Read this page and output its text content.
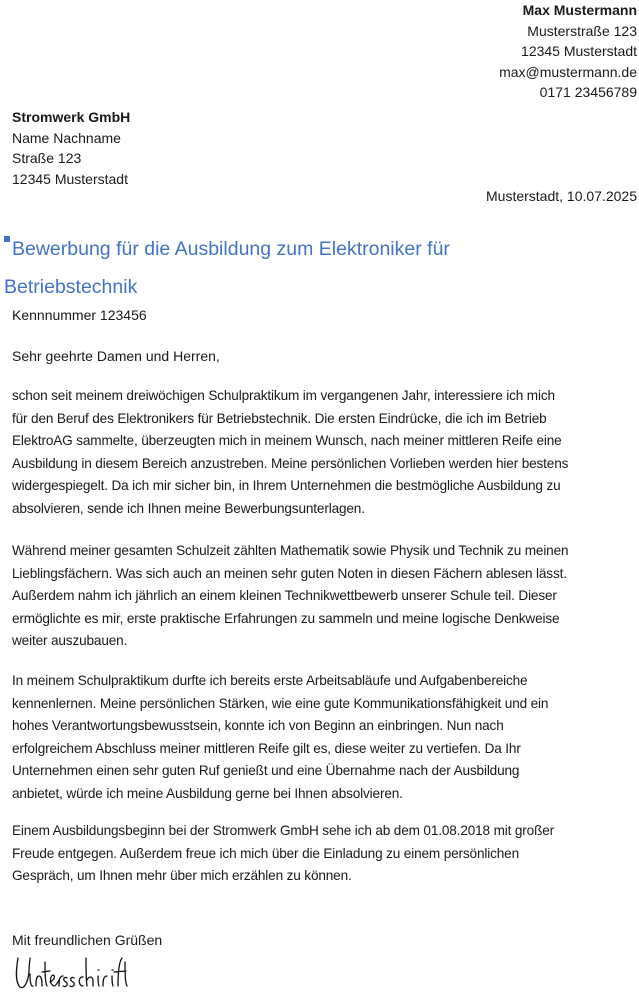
Max Mustermann
Musterstraße 123
12345 Musterstadt
max@mustermann.de
0171 23456789
Stromwerk GmbH
Name Nachname
Straße 123
12345 Musterstadt
Musterstadt, 10.07.2025
Bewerbung für die Ausbildung zum Elektroniker für
Betriebstechnik
Kennnummer 123456
Sehr geehrte Damen und Herren,
schon seit meinem dreiwöchigen Schulpraktikum im vergangenen Jahr, interessiere ich mich
für den Beruf des Elektronikers für Betriebstechnik. Die ersten Eindrücke, die ich im Betrieb
ElektroAG sammelte, überzeugten mich in meinem Wunsch, nach meiner mittleren Reife eine
Ausbildung in diesem Bereich anzustreben. Meine persönlichen Vorlieben werden hier bestens
widergespiegelt. Da ich mir sicher bin, in Ihrem Unternehmen die bestmögliche Ausbildung zu
absolvieren, sende ich Ihnen meine Bewerbungsunterlagen.
Während meiner gesamten Schulzeit zählten Mathematik sowie Physik und Technik zu meinen
Lieblingsfächern. Was sich auch an meinen sehr guten Noten in diesen Fächern ablesen lässt.
Außerdem nahm ich jährlich an einem kleinen Technikwettbewerb unserer Schule teil. Dieser
ermöglichte es mir, erste praktische Erfahrungen zu sammeln und meine logische Denkweise
weiter auszubauen.
In meinem Schulpraktikum durfte ich bereits erste Arbeitsabläufe und Aufgabenbereiche
kennenlernen. Meine persönlichen Stärken, wie eine gute Kommunikationsfähigkeit und ein
hohes Verantwortungsbewusstsein, konnte ich von Beginn an einbringen. Nun nach
erfolgreichem Abschluss meiner mittleren Reife gilt es, diese weiter zu vertiefen. Da Ihr
Unternehmen einen sehr guten Ruf genießt und eine Übernahme nach der Ausbildung
anbietet, würde ich meine Ausbildung gerne bei Ihnen absolvieren.
Einem Ausbildungsbeginn bei der Stromwerk GmbH sehe ich ab dem 01.08.2018 mit großer
Freude entgegen. Außerdem freue ich mich über die Einladung zu einem persönlichen
Gespräch, um Ihnen mehr über mich erzählen zu können.
Mit freundlichen Grüßen
